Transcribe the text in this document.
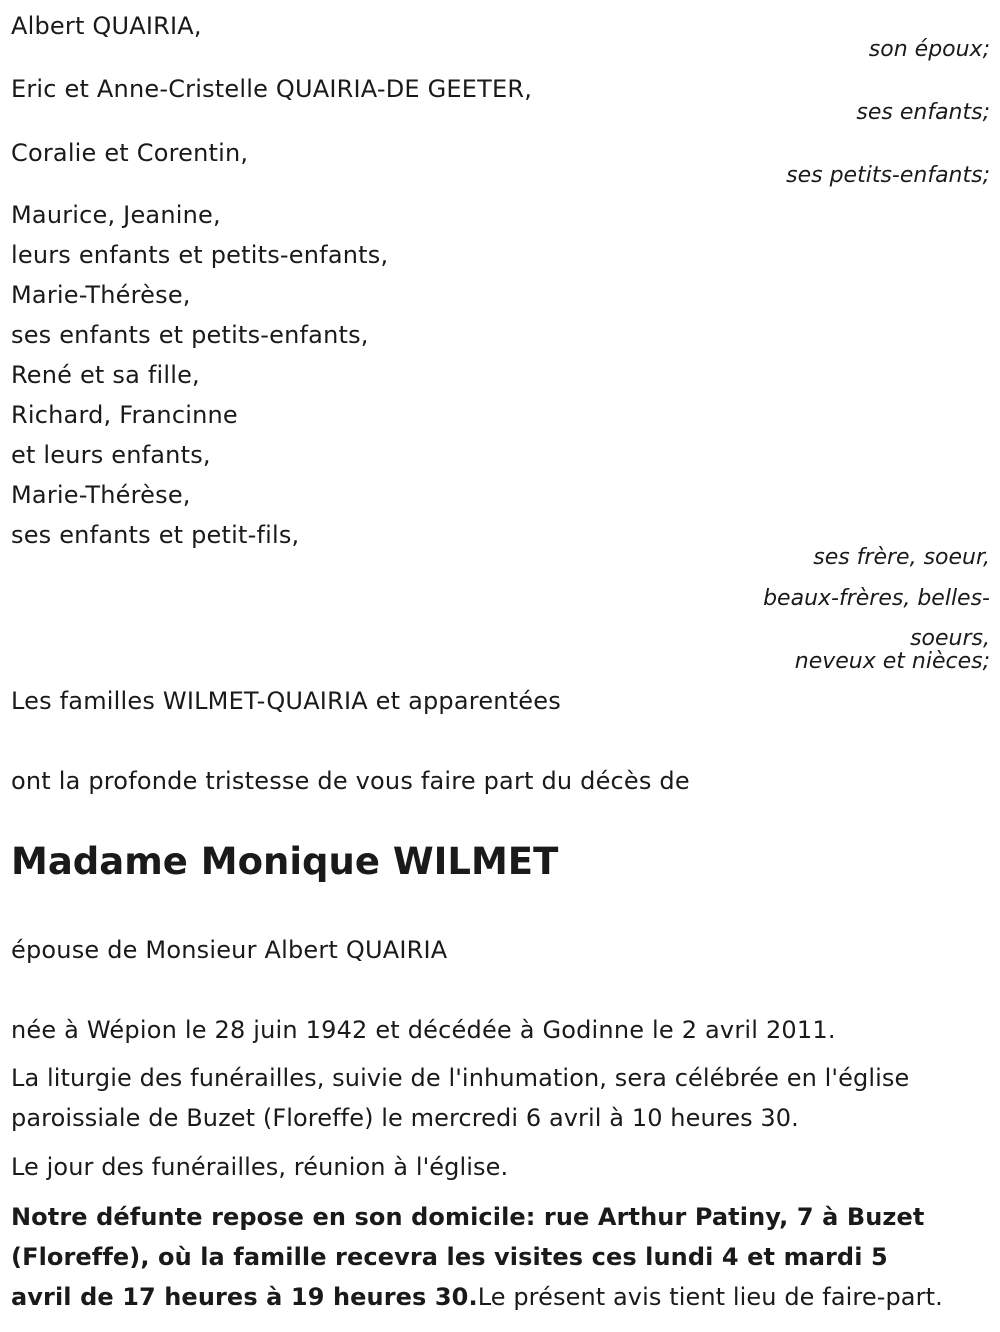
Albert QUAIRIA,
son époux;
Eric et Anne-Cristelle QUAIRIA-DE GEETER,
ses enfants;
Coralie et Corentin,
ses petits-enfants;
Maurice, Jeanine,
leurs enfants et petits-enfants,
Marie-Thérèse,
ses enfants et petits-enfants,
René et sa fille,
Richard, Francinne
et leurs enfants,
Marie-Thérèse,
ses enfants et petit-fils,
ses frère, soeur,
beaux-frères, belles-
soeurs,
neveux et nièces;
Les familles WILMET-QUAIRIA et apparentées
ont la profonde tristesse de vous faire part du décès de
Madame Monique WILMET
épouse de Monsieur Albert QUAIRIA
née à Wépion le 28 juin 1942 et décédée à Godinne le 2 avril 2011.
La liturgie des funérailles, suivie de l'inhumation, sera célébrée en l'église paroissiale de Buzet (Floreffe) le mercredi 6 avril à 10 heures 30.
Le jour des funérailles, réunion à l'église.
Notre défunte repose en son domicile: rue Arthur Patiny, 7 à Buzet (Floreffe), où la famille recevra les visites ces lundi 4 et mardi 5 avril de 17 heures à 19 heures 30.Le présent avis tient lieu de faire-part.
